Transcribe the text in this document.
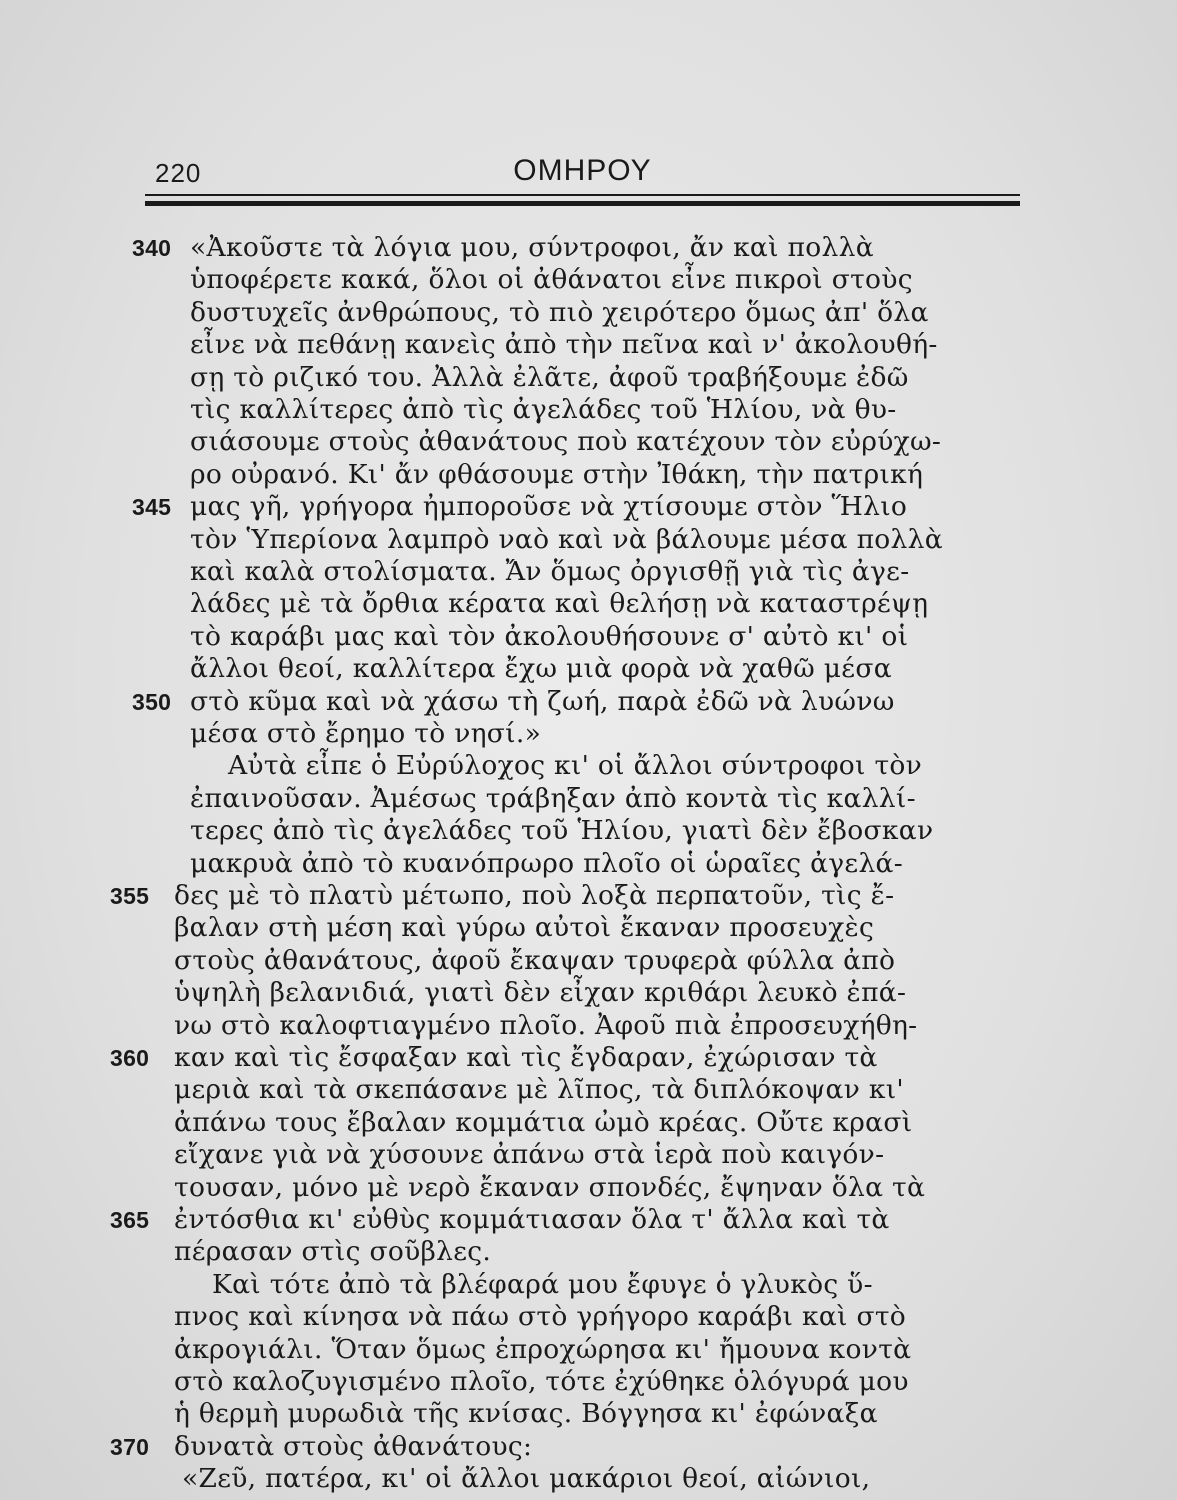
220	ΟΜΗΡΟΥ
340 «Ἀκοῦστε τὰ λόγια μου, σύντροφοι, ἄν καὶ πολλὰ
ὑποφέρετε κακά, ὅλοι οἱ ἀθάνατοι εἶνε πικροὶ στοὺς
δυστυχεῖς ἀνθρώπους, τὸ πιὸ χειρότερο ὅμως ἀπ' ὅλα
εἶνε νὰ πεθάνῃ κανεὶς ἀπὸ τὴν πεῖνα καὶ ν' ἀκολουθή-
σῃ τὸ ριζικό του. Ἀλλὰ ἐλᾶτε, ἀφοῦ τραβήξουμε ἐδῶ
τὶς καλλίτερες ἀπὸ τὶς ἀγελάδες τοῦ Ἡλίου, νὰ θυ-
σιάσουμε στοὺς ἀθανάτους ποὺ κατέχουν τὸν εὐρύχω-
ρο οὐρανό. Κι' ἄν φθάσουμε στὴν Ἰθάκη, τὴν πατρική
345 μας γῆ, γρήγορα ἠμποροῦσε νὰ χτίσουμε στὸν Ἥλιο
τὸν Ὑπερίονα λαμπρὸ ναὸ καὶ νὰ βάλουμε μέσα πολλὰ
καὶ καλὰ στολίσματα. Ἄν ὅμως ὀργισθῇ γιὰ τὶς ἀγε-
λάδες μὲ τὰ ὄρθια κέρατα καὶ θελήσῃ νὰ καταστρέψῃ
τὸ καράβι μας καὶ τὸν ἀκολουθήσουνε σ' αὐτὸ κι' οἱ
ἄλλοι θεοί, καλλίτερα ἔχω μιὰ φορὰ νὰ χαθῶ μέσα
350 στὸ κῦμα καὶ νὰ χάσω τὴ ζωή, παρὰ ἐδῶ νὰ λυώνω
μέσα στὸ ἔρημο τὸ νησί.»
Αὐτὰ εἶπε ὁ Εὐρύλοχος κι' οἱ ἄλλοι σύντροφοι τὸν
ἐπαινοῦσαν. Ἀμέσως τράβηξαν ἀπὸ κοντὰ τὶς καλλί-
τερες ἀπὸ τὶς ἀγελάδες τοῦ Ἡλίου, γιατὶ δὲν ἔβοσκαν
μακρυὰ ἀπὸ τὸ κυανόπρωρο πλοῖο οἱ ὡραῖες ἀγελά-
355 δες μὲ τὸ πλατὺ μέτωπο, ποὺ λοξὰ περπατοῦν, τὶς ἔ-
βαλαν στὴ μέση καὶ γύρω αὐτοὶ ἔκαναν προσευχὲς
στοὺς ἀθανάτους, ἀφοῦ ἔκαψαν τρυφερὰ φύλλα ἀπὸ
ὑψηλὴ βελανιδιά, γιατὶ δὲν εἶχαν κριθάρι λευκὸ ἐπά-
νω στὸ καλοφτιαγμένο πλοῖο. Ἀφοῦ πιὰ ἐπροσευχήθη-
360 καν καὶ τὶς ἔσφαξαν καὶ τὶς ἔγδαραν, ἐχώρισαν τὰ
μεριὰ καὶ τὰ σκεπάσανε μὲ λῖπος, τὰ διπλόκοψαν κι'
ἀπάνω τους ἔβαλαν κομμάτια ὠμὸ κρέας. Οὔτε κρασὶ
εἴχανε γιὰ νὰ χύσουνε ἀπάνω στὰ ἱερὰ ποὺ καιγόν-
τουσαν, μόνο μὲ νερὸ ἔκαναν σπονδές, ἔψηναν ὅλα τὰ
365 ἐντόσθια κι' εὐθὺς κομμάτιασαν ὅλα τ' ἄλλα καὶ τὰ
πέρασαν στὶς σοῦβλες.
Καὶ τότε ἀπὸ τὰ βλέφαρά μου ἔφυγε ὁ γλυκὸς ὕ-
πνος καὶ κίνησα νὰ πάω στὸ γρήγορο καράβι καὶ στὸ
ἀκρογιάλι. Ὅταν ὅμως ἐπροχώρησα κι' ἤμουνα κοντὰ
στὸ καλοζυγισμένο πλοῖο, τότε ἐχύθηκε ὁλόγυρά μου
ἡ θερμὴ μυρωδιὰ τῆς κνίσας. Βόγγησα κι' ἐφώναξα
370 δυνατὰ στοὺς ἀθανάτους:
«Ζεῦ, πατέρα, κι' οἱ ἄλλοι μακάριοι θεοί, αἰώνιοι,
